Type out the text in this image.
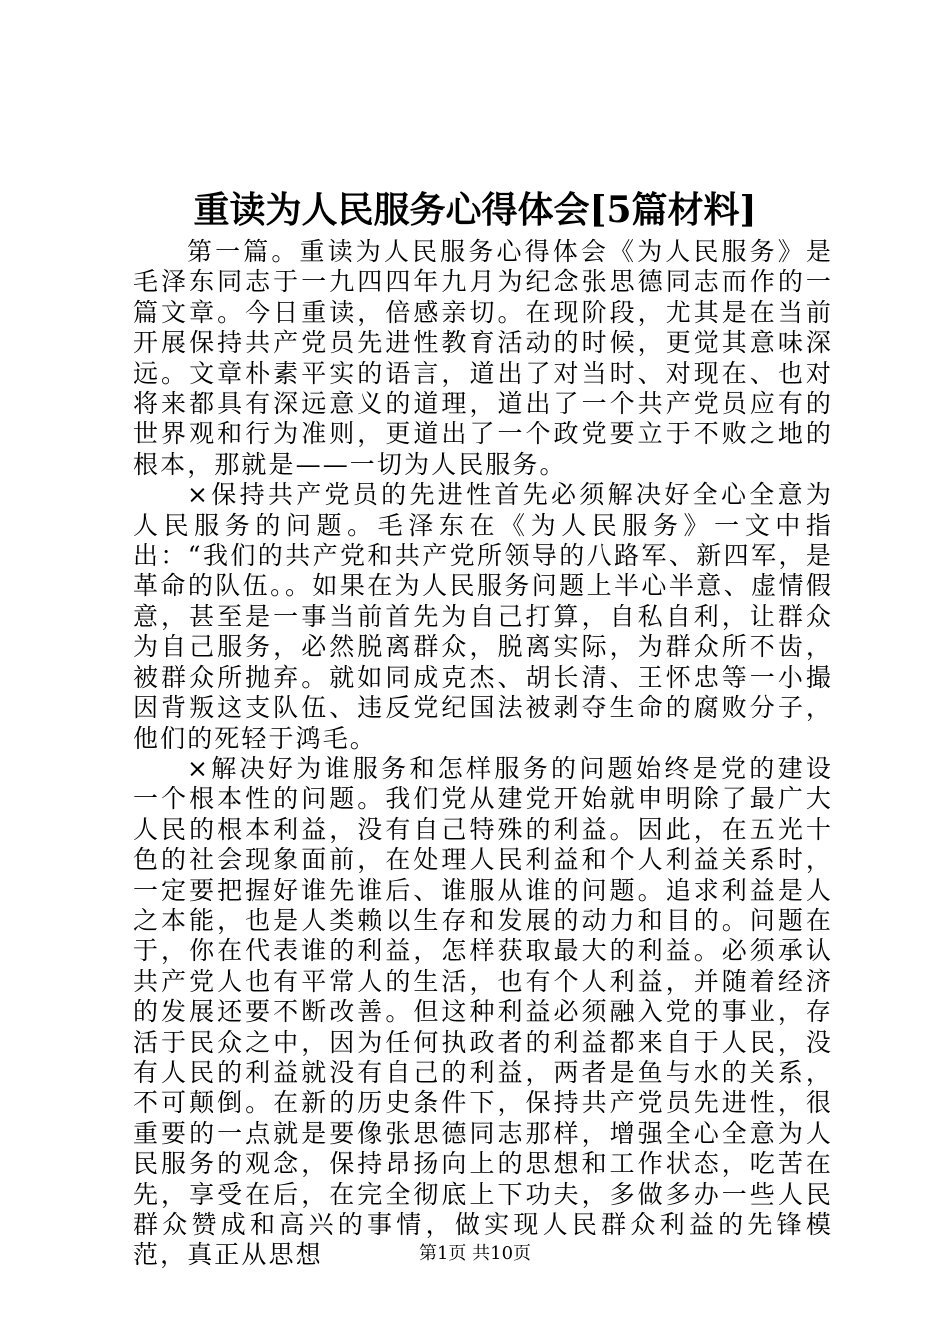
重读为人民服务心得体会[5篇材料]

第一篇。重读为人民服务心得体会《为人民服务》是毛泽东同志于一九四四年九月为纪念张思德同志而作的一篇文章。今日重读，倍感亲切。在现阶段，尤其是在当前开展保持共产党员先进性教育活动的时候，更觉其意味深远。文章朴素平实的语言，道出了对当时、对现在、也对将来都具有深远意义的道理，道出了一个共产党员应有的世界观和行为准则，更道出了一个政党要立于不败之地的根本，那就是——一切为人民服务。

×保持共产党员的先进性首先必须解决好全心全意为人民服务的问题。毛泽东在《为人民服务》一文中指出：“我们的共产党和共产党所领导的八路军、新四军，是革命的队伍。。如果在为人民服务问题上半心半意、虚情假意，甚至是一事当前首先为自己打算，自私自利，让群众为自己服务，必然脱离群众，脱离实际，为群众所不齿，被群众所抛弃。就如同成克杰、胡长清、王怀忠等一小撮因背叛这支队伍、违反党纪国法被剥夺生命的腐败分子，他们的死轻于鸿毛。

×解决好为谁服务和怎样服务的问题始终是党的建设一个根本性的问题。我们党从建党开始就申明除了最广大人民的根本利益，没有自己特殊的利益。因此，在五光十色的社会现象面前，在处理人民利益和个人利益关系时，一定要把握好谁先谁后、谁服从谁的问题。追求利益是人之本能，也是人类赖以生存和发展的动力和目的。问题在于，你在代表谁的利益，怎样获取最大的利益。必须承认共产党人也有平常人的生活，也有个人利益，并随着经济的发展还要不断改善。但这种利益必须融入党的事业，存活于民众之中，因为任何执政者的利益都来自于人民，没有人民的利益就没有自己的利益，两者是鱼与水的关系，不可颠倒。在新的历史条件下，保持共产党员先进性，很重要的一点就是要像张思德同志那样，增强全心全意为人民服务的观念，保持昂扬向上的思想和工作状态，吃苦在先，享受在后，在完全彻底上下功夫，多做多办一些人民群众赞成和高兴的事情，做实现人民群众利益的先锋模范，真正从思想	第1页 共10页
